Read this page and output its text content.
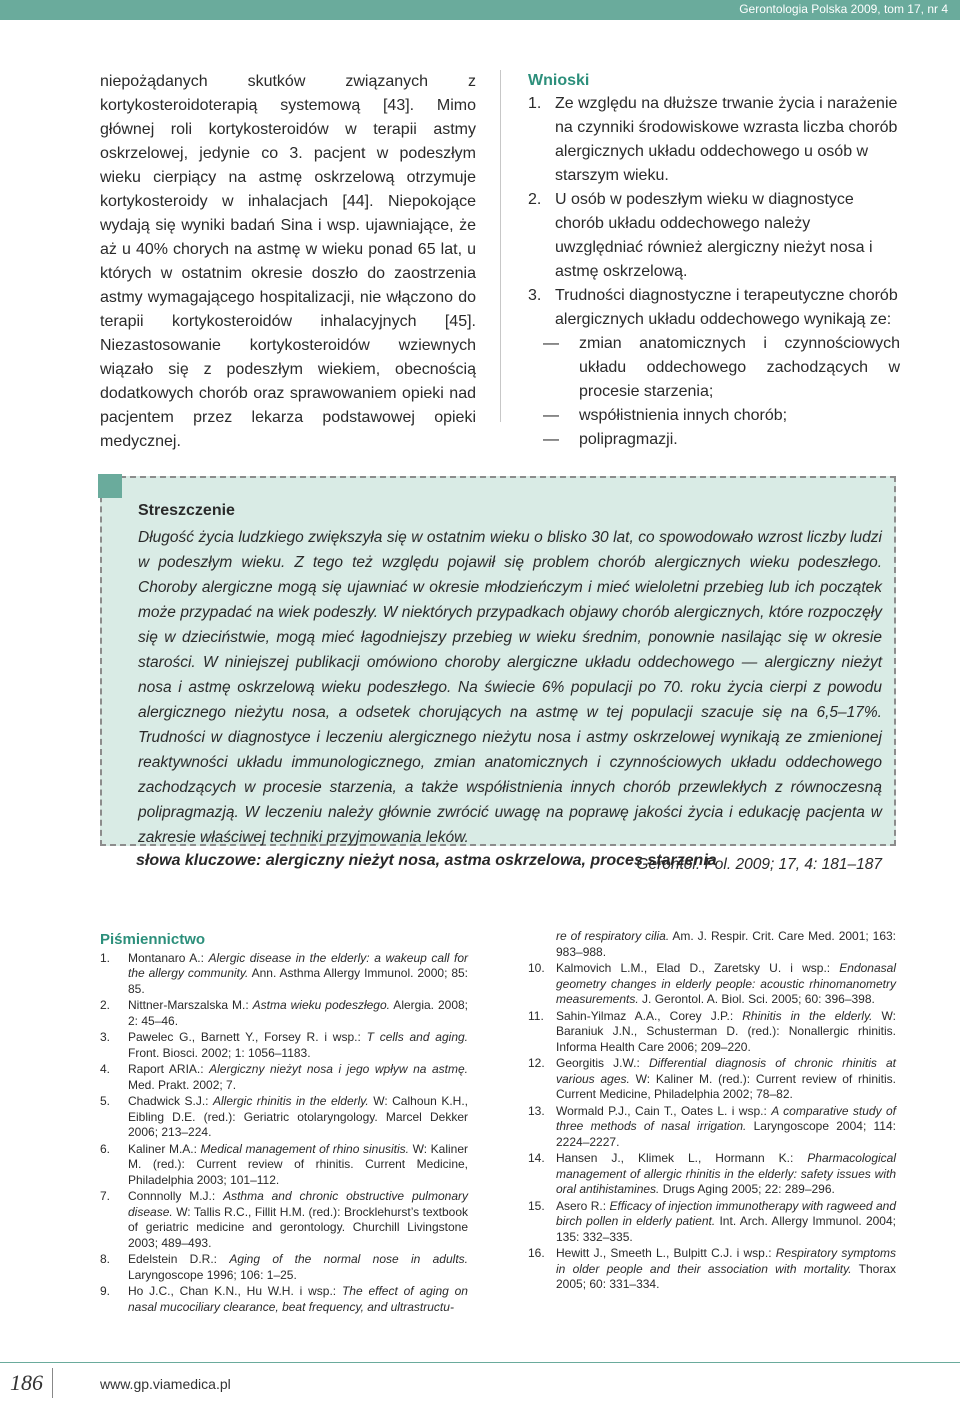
Gerontologia Polska 2009, tom 17, nr 4
niepożądanych skutków związanych z kortykosteroidoterapią systemową [43]. Mimo głównej roli kortykosteroidów w terapii astmy oskrzelowej, jedynie co 3. pacjent w podeszłym wieku cierpiący na astmę oskrzelową otrzymuje kortykosteroidy w inhalacjach [44]. Niepokojące wydają się wyniki badań Sina i wsp. ujawniające, że aż u 40% chorych na astmę w wieku ponad 65 lat, u których w ostatnim okresie doszło do zaostrzenia astmy wymagającego hospitalizacji, nie włączono do terapii kortykosteroidów inhalacyjnych [45]. Niezastosowanie kortykosteroidów wziewnych wiązało się z podeszłym wiekiem, obecnością dodatkowych chorób oraz sprawowaniem opieki nad pacjentem przez lekarza podstawowej opieki medycznej.
Wnioski
1. Ze względu na dłuższe trwanie życia i narażenie na czynniki środowiskowe wzrasta liczba chorób alergicznych układu oddechowego u osób w starszym wieku.
2. U osób w podeszłym wieku w diagnostyce chorób układu oddechowego należy uwzględniać również alergiczny nieżyt nosa i astmę oskrzelową.
3. Trudności diagnostyczne i terapeutyczne chorób alergicznych układu oddechowego wynikają ze:
— zmian anatomicznych i czynnościowych układu oddechowego zachodzących w procesie starzenia;
— współistnienia innych chorób;
— polipragmazji.
Streszczenie
Długość życia ludzkiego zwiększyła się w ostatnim wieku o blisko 30 lat, co spowodowało wzrost liczby ludzi w podeszłym wieku. Z tego też względu pojawił się problem chorób alergicznych wieku podeszłego. Choroby alergiczne mogą się ujawniać w okresie młodzieńczym i mieć wieloletni przebieg lub ich początek może przypadać na wiek podeszły. W niektórych przypadkach objawy chorób alergicznych, które rozpoczęły się w dzieciństwie, mogą mieć łagodniejszy przebieg w wieku średnim, ponownie nasilając się w okresie starości. W niniejszej publikacji omówiono choroby alergiczne układu oddechowego — alergiczny nieżyt nosa i astmę oskrzelową wieku podeszłego. Na świecie 6% populacji po 70. roku życia cierpi z powodu alergicznego nieżytu nosa, a odsetek chorujących na astmę w tej populacji szacuje się na 6,5–17%. Trudności w diagnostyce i leczeniu alergicznego nieżytu nosa i astmy oskrzelowej wynikają ze zmienionej reaktywności układu immunologicznego, zmian anatomicznych i czynnościowych układu oddechowego zachodzących w procesie starzenia, a także współistnienia innych chorób przewlekłych z równoczesną polipragmazją. W leczeniu należy głównie zwrócić uwagę na poprawę jakości życia i edukację pacjenta w zakresie właściwej techniki przyjmowania leków.
Gerontol. Pol. 2009; 17, 4: 181–187
słowa kluczowe: alergiczny nieżyt nosa, astma oskrzelowa, proces starzenia
Piśmiennictwo
1. Montanaro A.: Alergic disease in the elderly: a wakeup call for the allergy community. Ann. Asthma Allergy Immunol. 2000; 85: 85.
2. Nittner-Marszalska M.: Astma wieku podeszłego. Alergia. 2008; 2: 45–46.
3. Pawelec G., Barnett Y., Forsey R. i wsp.: T cells and aging. Front. Biosci. 2002; 1: 1056–1183.
4. Raport ARIA.: Alergiczny nieżyt nosa i jego wpływ na astmę. Med. Prakt. 2002; 7.
5. Chadwick S.J.: Allergic rhinitis in the elderly. W: Calhoun K.H., Eibling D.E. (red.): Geriatric otolaryngology. Marcel Dekker 2006; 213–224.
6. Kaliner M.A.: Medical management of rhino sinusitis. W: Kaliner M. (red.): Current review of rhinitis. Current Medicine, Philadelphia 2003; 101–112.
7. Connnolly M.J.: Asthma and chronic obstructive pulmonary disease. W: Tallis R.C., Fillit H.M. (red.): Brocklehurst’s textbook of geriatric medicine and gerontology. Churchill Livingstone 2003; 489–493.
8. Edelstein D.R.: Aging of the normal nose in adults. Laryngoscope 1996; 106: 1–25.
9. Ho J.C., Chan K.N., Hu W.H. i wsp.: The effect of aging on nasal mucociliary clearance, beat frequency, and ultrastructu-
re of respiratory cilia. Am. J. Respir. Crit. Care Med. 2001; 163: 983–988.
10. Kalmovich L.M., Elad D., Zaretsky U. i wsp.: Endonasal geometry changes in elderly people: acoustic rhinomanometry measurements. J. Gerontol. A. Biol. Sci. 2005; 60: 396–398.
11. Sahin-Yilmaz A.A., Corey J.P.: Rhinitis in the elderly. W: Baraniuk J.N., Schusterman D. (red.): Nonallergic rhinitis. Informa Health Care 2006; 209–220.
12. Georgitis J.W.: Differential diagnosis of chronic rhinitis at various ages. W: Kaliner M. (red.): Current review of rhinitis. Current Medicine, Philadelphia 2002; 78–82.
13. Wormald P.J., Cain T., Oates L. i wsp.: A comparative study of three methods of nasal irrigation. Laryngoscope 2004; 114: 2224–2227.
14. Hansen J., Klimek L., Hormann K.: Pharmacological management of allergic rhinitis in the elderly: safety issues with oral antihistamines. Drugs Aging 2005; 22: 289–296.
15. Asero R.: Efficacy of injection immunotherapy with ragweed and birch pollen in elderly patient. Int. Arch. Allergy Immunol. 2004; 135: 332–335.
16. Hewitt J., Smeeth L., Bulpitt C.J. i wsp.: Respiratory symptoms in older people and their association with mortality. Thorax 2005; 60: 331–334.
186	www.gp.viamedica.pl
